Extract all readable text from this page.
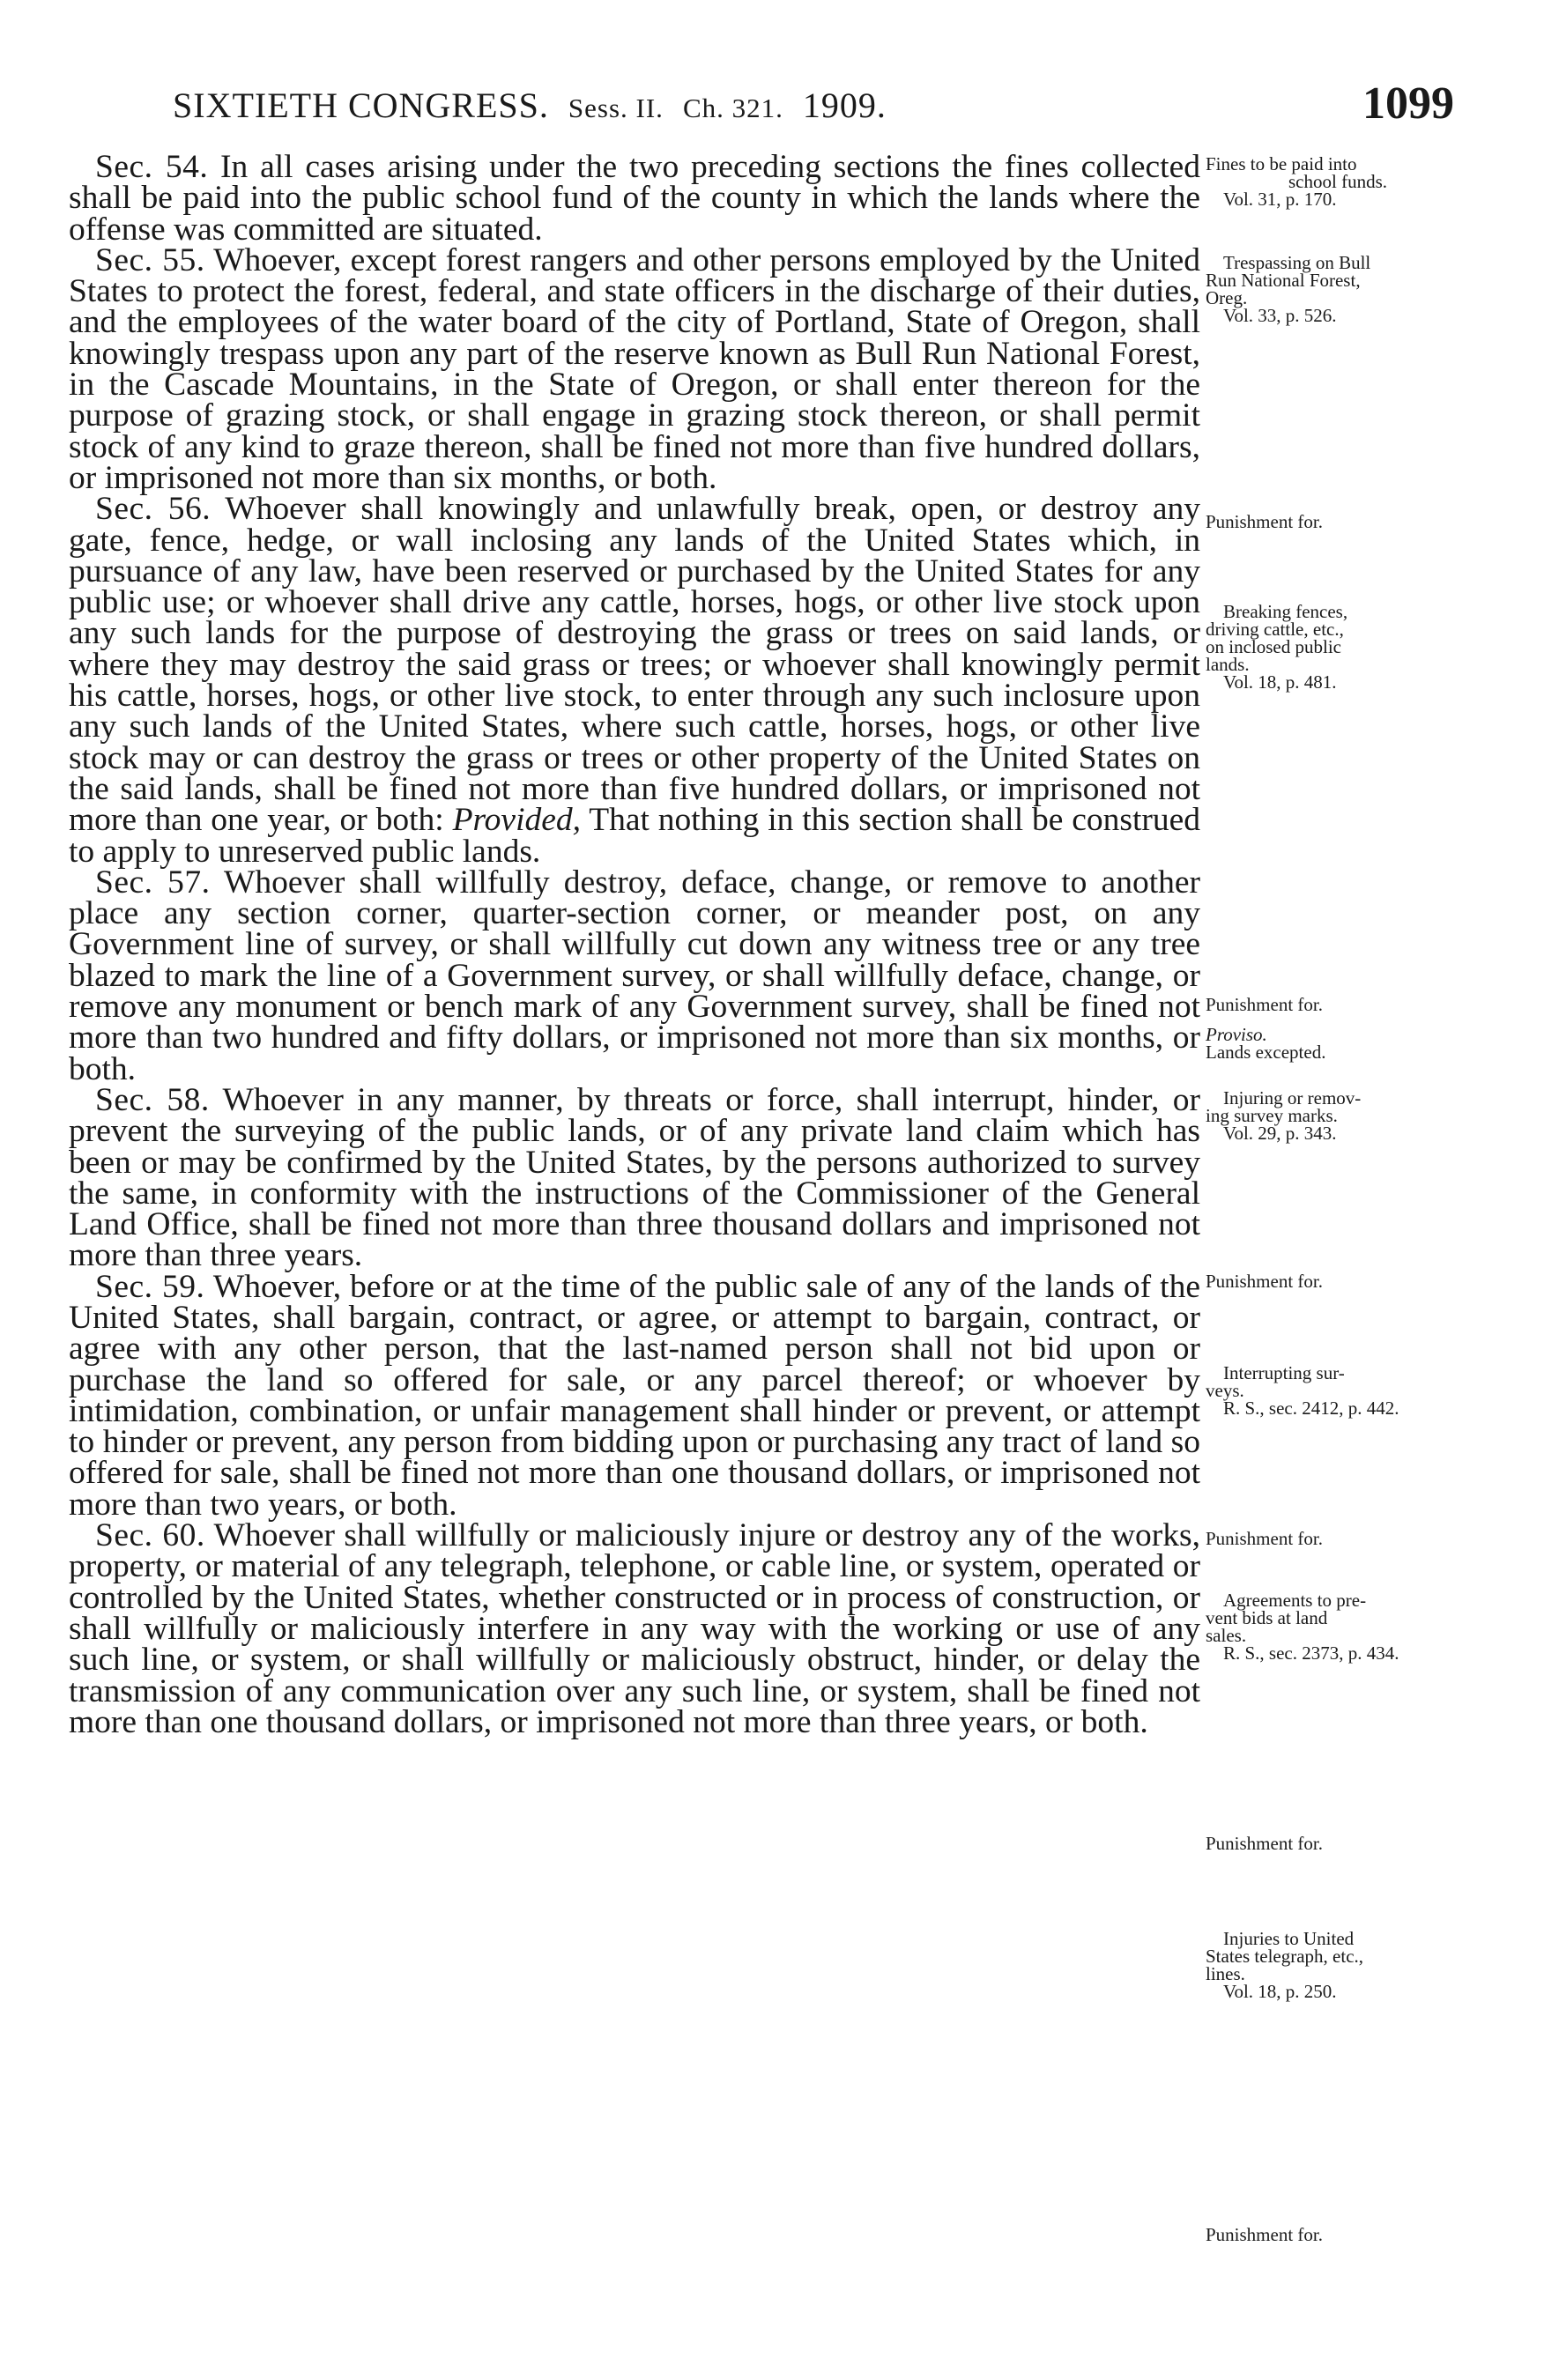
SIXTIETH CONGRESS. Sess. II. Ch. 321. 1909.	1099

Sec. 54. In all cases arising under the two preceding sections the fines collected shall be paid into the public school fund of the county in which the lands where the offense was committed are situated.

Sec. 55. Whoever, except forest rangers and other persons employed by the United States to protect the forest, federal, and state officers in the discharge of their duties, and the employees of the water board of the city of Portland, State of Oregon, shall knowingly trespass upon any part of the reserve known as Bull Run National Forest, in the Cascade Mountains, in the State of Oregon, or shall enter thereon for the purpose of grazing stock, or shall engage in grazing stock thereon, or shall permit stock of any kind to graze thereon, shall be fined not more than five hundred dollars, or imprisoned not more than six months, or both.

Sec. 56. Whoever shall knowingly and unlawfully break, open, or destroy any gate, fence, hedge, or wall inclosing any lands of the United States which, in pursuance of any law, have been reserved or purchased by the United States for any public use; or whoever shall drive any cattle, horses, hogs, or other live stock upon any such lands for the purpose of destroying the grass or trees on said lands, or where they may destroy the said grass or trees; or whoever shall knowingly permit his cattle, horses, hogs, or other live stock, to enter through any such inclosure upon any such lands of the United States, where such cattle, horses, hogs, or other live stock may or can destroy the grass or trees or other property of the United States on the said lands, shall be fined not more than five hundred dollars, or imprisoned not more than one year, or both: Provided, That nothing in this section shall be construed to apply to unreserved public lands.

Sec. 57. Whoever shall willfully destroy, deface, change, or remove to another place any section corner, quarter-section corner, or meander post, on any Government line of survey, or shall willfully cut down any witness tree or any tree blazed to mark the line of a Government survey, or shall willfully deface, change, or remove any monument or bench mark of any Government survey, shall be fined not more than two hundred and fifty dollars, or imprisoned not more than six months, or both.

Sec. 58. Whoever in any manner, by threats or force, shall interrupt, hinder, or prevent the surveying of the public lands, or of any private land claim which has been or may be confirmed by the United States, by the persons authorized to survey the same, in conformity with the instructions of the Commissioner of the General Land Office, shall be fined not more than three thousand dollars and imprisoned not more than three years.

Sec. 59. Whoever, before or at the time of the public sale of any of the lands of the United States, shall bargain, contract, or agree, or attempt to bargain, contract, or agree with any other person, that the last-named person shall not bid upon or purchase the land so offered for sale, or any parcel thereof; or whoever by intimidation, combination, or unfair management shall hinder or prevent, or attempt to hinder or prevent, any person from bidding upon or purchasing any tract of land so offered for sale, shall be fined not more than one thousand dollars, or imprisoned not more than two years, or both.

Sec. 60. Whoever shall willfully or maliciously injure or destroy any of the works, property, or material of any telegraph, telephone, or cable line, or system, operated or controlled by the United States, whether constructed or in process of construction, or shall willfully or maliciously interfere in any way with the working or use of any such line, or system, or shall willfully or maliciously obstruct, hinder, or delay the transmission of any communication over any such line, or system, shall be fined not more than one thousand dollars, or imprisoned not more than three years, or both.

Fines to be paid into
school funds.
Vol. 31, p. 170.
Trespassing on Bull
Run National Forest,
Oreg.
Vol. 33, p. 526.
Punishment for.
Breaking fences,
driving cattle, etc.,
on inclosed public
lands.
Vol. 18, p. 481.
Punishment for.
Proviso.
Lands excepted.
Injuring or remov-
ing survey marks.
Vol. 29, p. 343.
Punishment for.
Interrupting sur-
veys.
R. S., sec. 2412, p. 442.
Punishment for.
Agreements to pre-
vent bids at land
sales.
R. S., sec. 2373, p. 434.
Punishment for.
Injuries to United
States telegraph, etc.,
lines.
Vol. 18, p. 250.
Punishment for.
